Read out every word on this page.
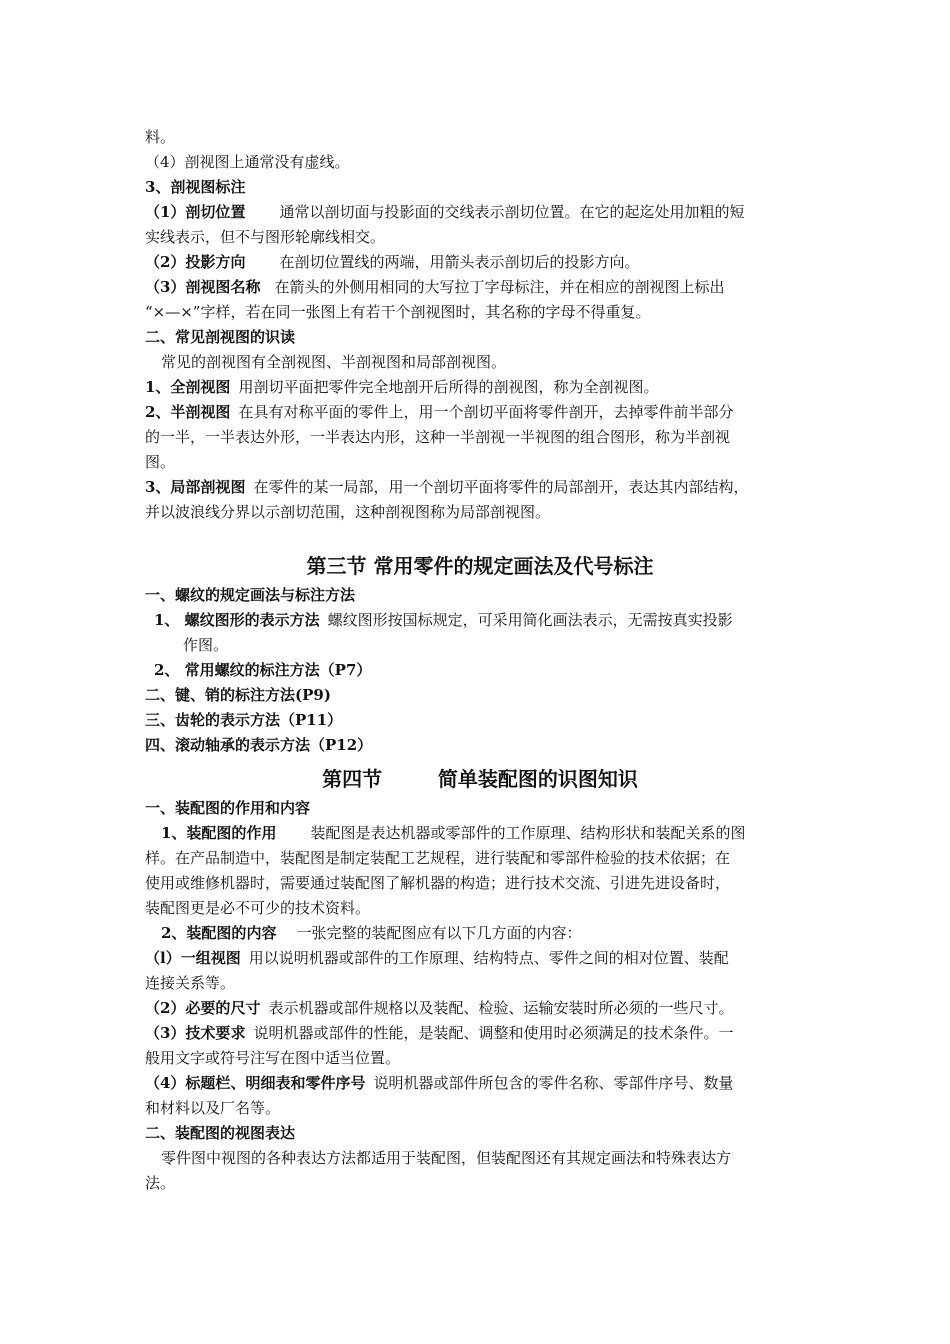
料。

（4）剖视图上通常没有虚线。

3、剖视图标注

（1）剖切位置 通常以剖切面与投影面的交线表示剖切位置。在它的起迄处用加粗的短

实线表示，但不与图形轮廓线相交。

（2）投影方向 在剖切位置线的两端，用箭头表示剖切后的投影方向。

（3）剖视图名称 在箭头的外侧用相同的大写拉丁字母标注，并在相应的剖视图上标出

“×—×”字样，若在同一张图上有若干个剖视图时，其名称的字母不得重复。

二、常见剖视图的识读

常见的剖视图有全剖视图、半剖视图和局部剖视图。

1、全剖视图 用剖切平面把零件完全地剖开后所得的剖视图，称为全剖视图。

2、半剖视图 在具有对称平面的零件上，用一个剖切平面将零件剖开，去掉零件前半部分

的一半，一半表达外形，一半表达内形，这种一半剖视一半视图的组合图形，称为半剖视

图。

3、局部剖视图 在零件的某一局部，用一个剖切平面将零件的局部剖开，表达其内部结构，

并以波浪线分界以示剖切范围，这种剖视图称为局部剖视图。

第三节 常用零件的规定画法及代号标注

一、螺纹的规定画法与标注方法

1、 螺纹图形的表示方法 螺纹图形按国标规定，可采用简化画法表示，无需按真实投影

作图。

2、 常用螺纹的标注方法（P7）

二、键、销的标注方法(P9)

三、齿轮的表示方法（P11）

四、滚动轴承的表示方法（P12）

第四节        简单装配图的识图知识

一、装配图的作用和内容

1、装配图的作用 装配图是表达机器或零部件的工作原理、结构形状和装配关系的图

样。在产品制造中，装配图是制定装配工艺规程，进行装配和零部件检验的技术依据；在

使用或维修机器时，需要通过装配图了解机器的构造；进行技术交流、引进先进设备时，

装配图更是必不可少的技术资料。

2、装配图的内容 一张完整的装配图应有以下几方面的内容：

（l）一组视图 用以说明机器或部件的工作原理、结构特点、零件之间的相对位置、装配

连接关系等。

（2）必要的尺寸 表示机器或部件规格以及装配、检验、运输安装时所必须的一些尺寸。

（3）技术要求 说明机器或部件的性能，是装配、调整和使用时必须满足的技术条件。一

般用文字或符号注写在图中适当位置。

（4）标题栏、明细表和零件序号 说明机器或部件所包含的零件名称、零部件序号、数量

和材料以及厂名等。

二、装配图的视图表达

零件图中视图的各种表达方法都适用于装配图，但装配图还有其规定画法和特殊表达方

法。
